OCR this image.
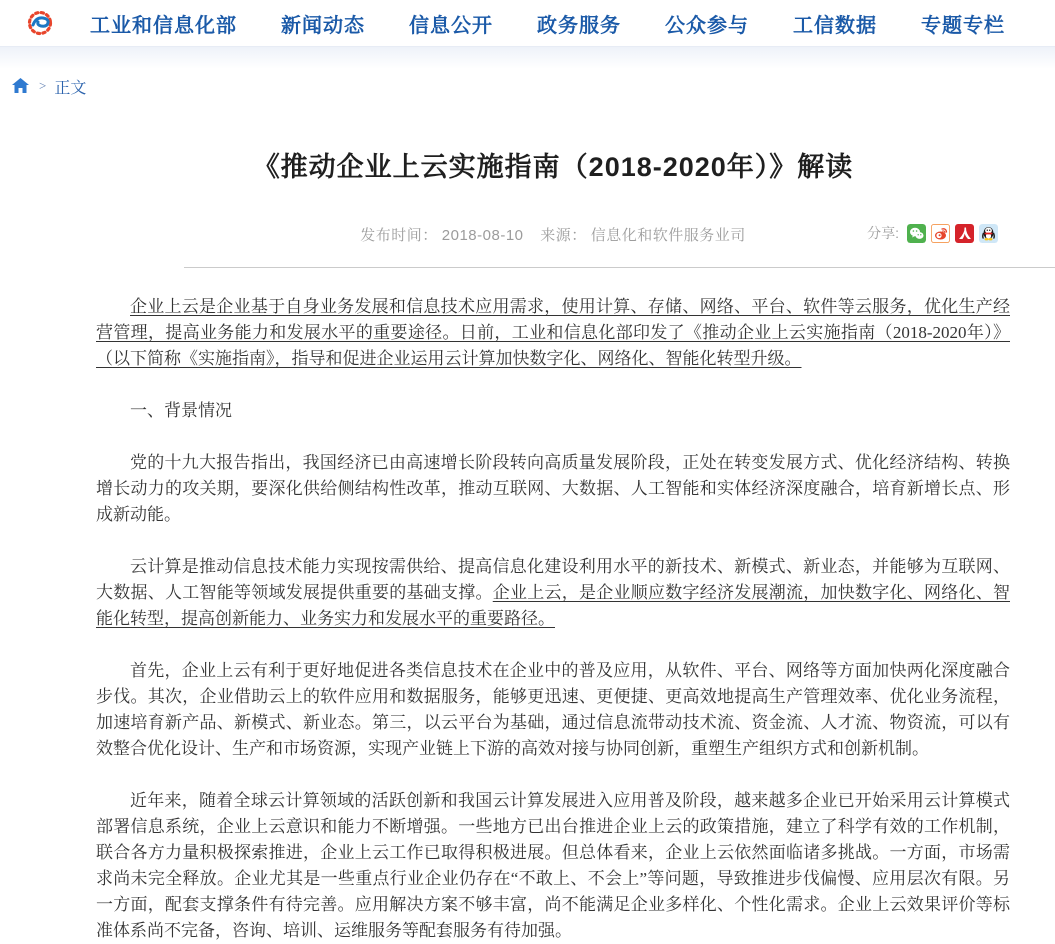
工业和信息化部 新闻动态 信息公开 政务服务 公众参与 工信数据 专题专栏
> 正文
《推动企业上云实施指南（2018-2020年）》解读
发布时间： 2018-08-10 来源： 信息化和软件服务业司	分享:

企业上云是企业基于自身业务发展和信息技术应用需求，使用计算、存储、网络、平台、软件等云服务，优化生产经营管理，提高业务能力和发展水平的重要途径。日前，工业和信息化部印发了《推动企业上云实施指南（2018-2020年）》（以下简称《实施指南》，指导和促进企业运用云计算加快数字化、网络化、智能化转型升级。

一、背景情况

党的十九大报告指出，我国经济已由高速增长阶段转向高质量发展阶段，正处在转变发展方式、优化经济结构、转换增长动力的攻关期，要深化供给侧结构性改革，推动互联网、大数据、人工智能和实体经济深度融合，培育新增长点、形成新动能。

云计算是推动信息技术能力实现按需供给、提高信息化建设利用水平的新技术、新模式、新业态，并能够为互联网、大数据、人工智能等领域发展提供重要的基础支撑。企业上云，是企业顺应数字经济发展潮流，加快数字化、网络化、智能化转型，提高创新能力、业务实力和发展水平的重要路径。

首先，企业上云有利于更好地促进各类信息技术在企业中的普及应用，从软件、平台、网络等方面加快两化深度融合步伐。其次，企业借助云上的软件应用和数据服务，能够更迅速、更便捷、更高效地提高生产管理效率、优化业务流程，加速培育新产品、新模式、新业态。第三，以云平台为基础，通过信息流带动技术流、资金流、人才流、物资流，可以有效整合优化设计、生产和市场资源，实现产业链上下游的高效对接与协同创新，重塑生产组织方式和创新机制。

近年来，随着全球云计算领域的活跃创新和我国云计算发展进入应用普及阶段，越来越多企业已开始采用云计算模式部署信息系统，企业上云意识和能力不断增强。一些地方已出台推进企业上云的政策措施，建立了科学有效的工作机制，联合各方力量积极探索推进，企业上云工作已取得积极进展。但总体看来，企业上云依然面临诸多挑战。一方面，市场需求尚未完全释放。企业尤其是一些重点行业企业仍存在“不敢上、不会上”等问题，导致推进步伐偏慢、应用层次有限。另一方面，配套支撑条件有待完善。应用解决方案不够丰富，尚不能满足企业多样化、个性化需求。企业上云效果评价等标准体系尚不完备，咨询、培训、运维服务等配套服务有待加强。
